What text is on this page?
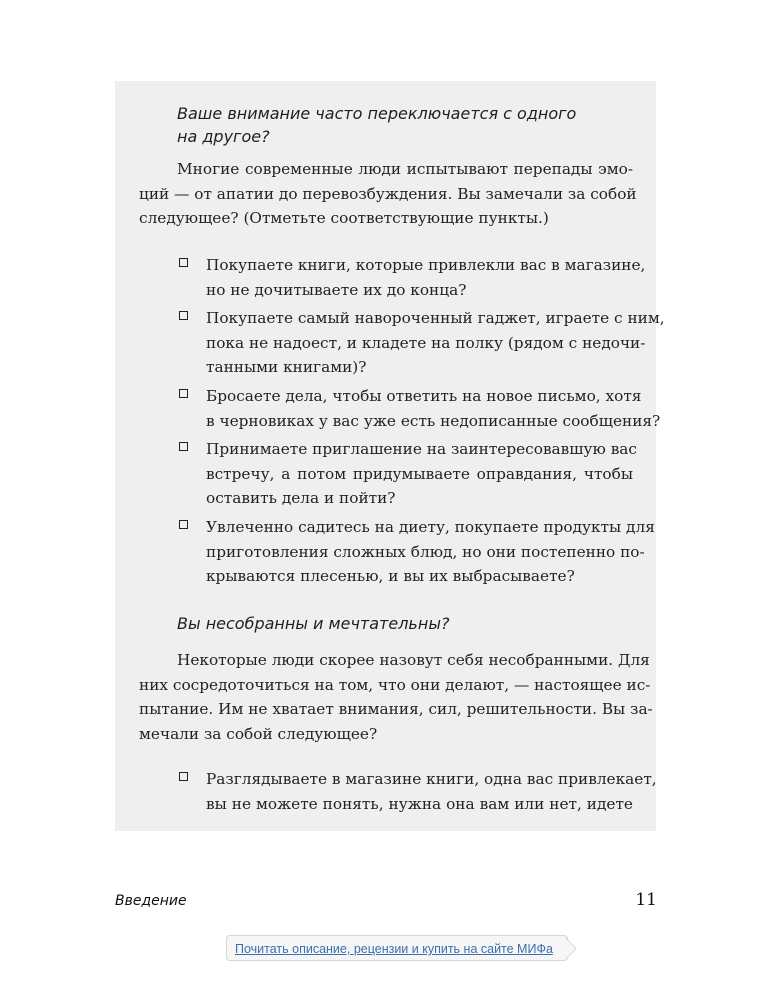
Ваше внимание часто переключается с одного
на другое?
Многие современные люди испытывают перепады эмо-
ций — от апатии до перевозбуждения. Вы замечали за собой
следующее? (Отметьте соответствующие пункты.)
Покупаете книги, которые привлекли вас в магазине,
но не дочитываете их до конца?
Покупаете самый навороченный гаджет, играете с ним,
пока не надоест, и кладете на полку (рядом с недочи-
танными книгами)?
Бросаете дела, чтобы ответить на новое письмо, хотя
в черновиках у вас уже есть недописанные сообщения?
Принимаете приглашение на заинтересовавшую вас
встречу, а потом придумываете оправдания, чтобы
оставить дела и пойти?
Увлеченно садитесь на диету, покупаете продукты для
приготовления сложных блюд, но они постепенно по-
крываются плесенью, и вы их выбрасываете?
Вы несобранны и мечтательны?
Некоторые люди скорее назовут себя несобранными. Для
них сосредоточиться на том, что они делают, — настоящее ис-
пытание. Им не хватает внимания, сил, решительности. Вы за-
мечали за собой следующее?
Разглядываете в магазине книги, одна вас привлекает,
вы не можете понять, нужна она вам или нет, идете
Введение	11
Почитать описание, рецензии и купить на сайте МИФа
